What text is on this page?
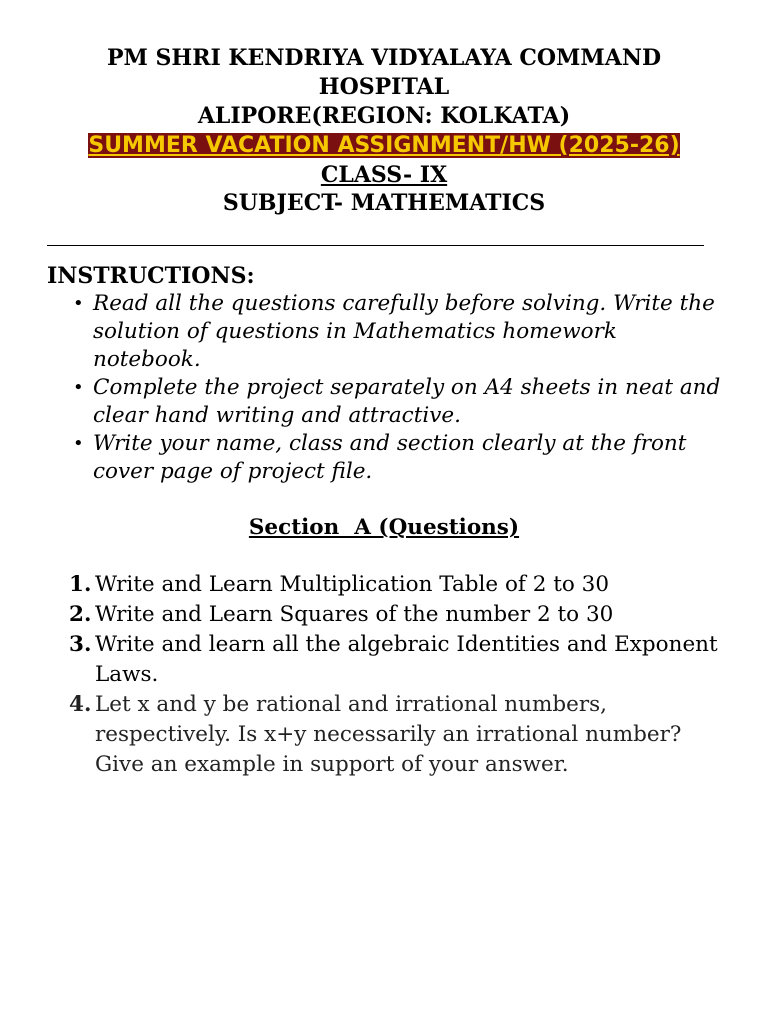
PM SHRI KENDRIYA VIDYALAYA COMMAND HOSPITAL
ALIPORE(REGION: KOLKATA)
SUMMER VACATION ASSIGNMENT/HW (2025-26)
CLASS- IX
SUBJECT- MATHEMATICS
INSTRUCTIONS:
• Read all the questions carefully before solving. Write the solution of questions in Mathematics homework notebook.
• Complete the project separately on A4 sheets in neat and clear hand writing and attractive.
• Write your name, class and section clearly at the front cover page of project file.
Section  A (Questions)
1. Write and Learn Multiplication Table of 2 to 30
2. Write and Learn Squares of the number 2 to 30
3. Write and learn all the algebraic Identities and Exponent Laws.
4. Let x and y be rational and irrational numbers, respectively. Is x+y necessarily an irrational number? Give an example in support of your answer.
